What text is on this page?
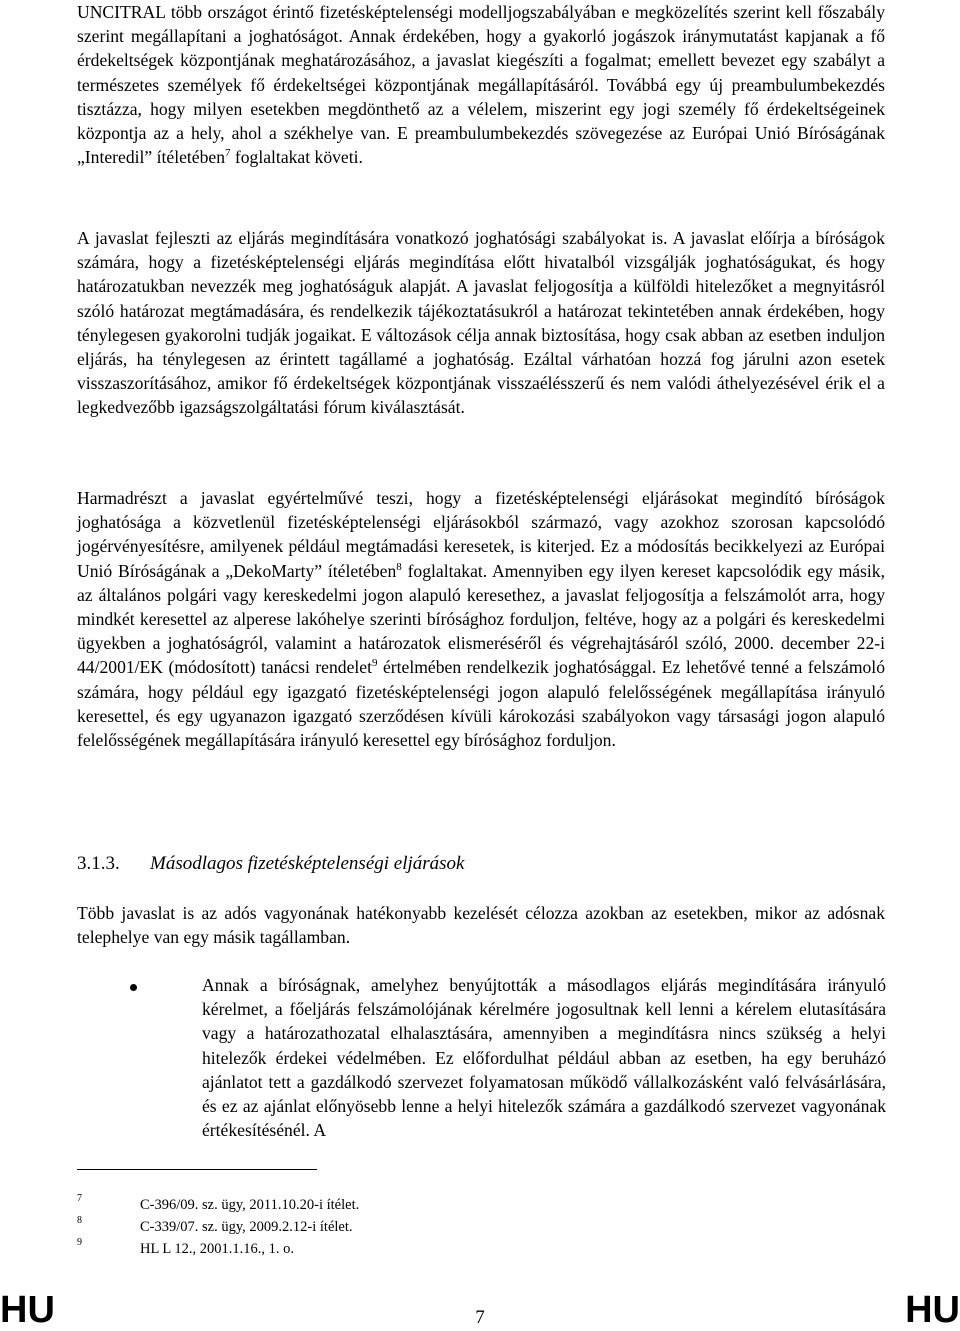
UNCITRAL több országot érintő fizetésképtelenségi modelljogszabályában e megközelítés szerint kell főszabály szerint megállapítani a joghatóságot. Annak érdekében, hogy a gyakorló jogászok iránymutatást kapjanak a fő érdekeltségek központjának meghatározásához, a javaslat kiegészíti a fogalmat; emellett bevezet egy szabályt a természetes személyek fő érdekeltségei központjának megállapításáról. Továbbá egy új preambulumbekezdés tisztázza, hogy milyen esetekben megdönthető az a vélelem, miszerint egy jogi személy fő érdekeltségeinek központja az a hely, ahol a székhelye van. E preambulumbekezdés szövegezése az Európai Unió Bíróságának „Interedil” ítéletében$^7$ foglaltakat követi.

A javaslat fejleszti az eljárás megindítására vonatkozó joghatósági szabályokat is. A javaslat előírja a bíróságok számára, hogy a fizetésképtelenségi eljárás megindítása előtt hivatalból vizsgálják joghatóságukat, és hogy határozatukban nevezzék meg joghatóságuk alapját. A javaslat feljogosítja a külföldi hitelezőket a megnyitásról szóló határozat megtámadására, és rendelkezik tájékoztatásukról a határozat tekintetében annak érdekében, hogy ténylegesen gyakorolni tudják jogaikat. E változások célja annak biztosítása, hogy csak abban az esetben induljon eljárás, ha ténylegesen az érintett tagállamé a joghatóság. Ezáltal várhatóan hozzá fog járulni azon esetek visszaszorításához, amikor fő érdekeltségek központjának visszaélésszerű és nem valódi áthelyezésével érik el a legkedvezőbb igazságszolgáltatási fórum kiválasztását.

Harmadrészt a javaslat egyértelművé teszi, hogy a fizetésképtelenségi eljárásokat megindító bíróságok joghatósága a közvetlenül fizetésképtelenségi eljárásokból származó, vagy azokhoz szorosan kapcsolódó jogérvényesítésre, amilyenek például megtámadási keresetek, is kiterjed. Ez a módosítás becikkelyezi az Európai Unió Bíróságának a „DekoMarty” ítéletében$^8$ foglaltakat. Amennyiben egy ilyen kereset kapcsolódik egy másik, az általános polgári vagy kereskedelmi jogon alapuló keresethez, a javaslat feljogosítja a felszámolót arra, hogy mindkét keresettel az alperese lakóhelye szerinti bírósághoz forduljon, feltéve, hogy az a polgári és kereskedelmi ügyekben a joghatóságról, valamint a határozatok elismeréséről és végrehajtásáról szóló, 2000. december 22-i 44/2001/EK (módosított) tanácsi rendelet$^9$ értelmében rendelkezik joghatósággal. Ez lehetővé tenné a felszámoló számára, hogy például egy igazgató fizetésképtelenségi jogon alapuló felelősségének megállapítása irányuló keresettel, és egy ugyanazon igazgató szerződésen kívüli károkozási szabályokon vagy társasági jogon alapuló felelősségének megállapítására irányuló keresettel egy bírósághoz forduljon.

3.1.3. Másodlagos fizetésképtelenségi eljárások

Több javaslat is az adós vagyonának hatékonyabb kezelését célozza azokban az esetekben, mikor az adósnak telephelye van egy másik tagállamban.

Annak a bíróságnak, amelyhez benyújtották a másodlagos eljárás megindítására irányuló kérelmet, a főeljárás felszámolójának kérelmére jogosultnak kell lenni a kérelem elutasítására vagy a határozathozatal elhalasztására, amennyiben a megindításra nincs szükség a helyi hitelezők érdekei védelmében. Ez előfordulhat például abban az esetben, ha egy beruházó ajánlatot tett a gazdálkodó szervezet folyamatosan működő vállalkozásként való felvásárlására, és ez az ajánlat előnyösebb lenne a helyi hitelezők számára a gazdálkodó szervezet vagyonának értékesítésénél. A

7	C-396/09. sz. ügy, 2011.10.20-i ítélet.
8	C-339/07. sz. ügy, 2009.2.12-i ítélet.
9	HL L 12., 2001.1.16., 1. o.
HU	7	HU
